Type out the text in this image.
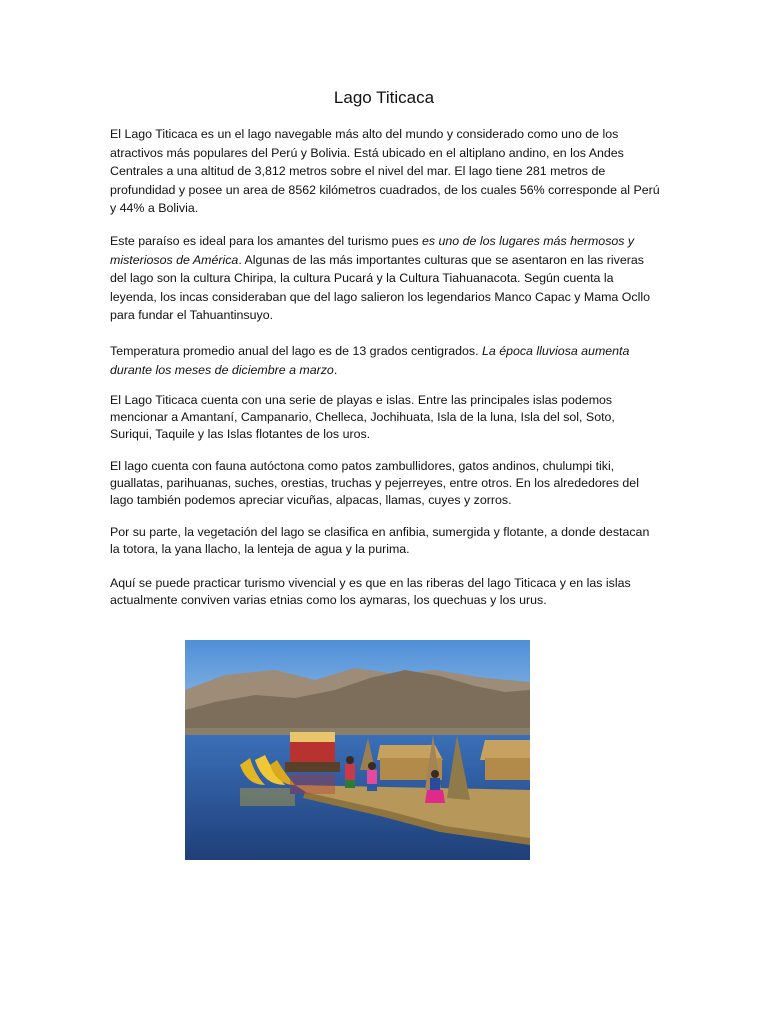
Lago Titicaca

El Lago Titicaca es un el lago navegable más alto del mundo y considerado como uno de los atractivos más populares del Perú y Bolivia. Está ubicado en el altiplano andino, en los Andes Centrales a una altitud de 3,812 metros sobre el nivel del mar. El lago tiene 281 metros de profundidad y posee un area de 8562 kilómetros cuadrados, de los cuales 56% corresponde al Perú y 44% a Bolivia.

Este paraíso es ideal para los amantes del turismo pues es uno de los lugares más hermosos y misteriosos de América. Algunas de las más importantes culturas que se asentaron en las riveras del lago son la cultura Chiripa, la cultura Pucará y la Cultura Tiahuanacota. Según cuenta la leyenda, los incas consideraban que del lago salieron los legendarios Manco Capac y Mama Ocllo para fundar el Tahuantinsuyo.

Temperatura promedio anual del lago es de 13 grados centigrados. La época lluviosa aumenta durante los meses de diciembre a marzo.

El Lago Titicaca cuenta con una serie de playas e islas. Entre las principales islas podemos mencionar a Amantaní, Campanario, Chelleca, Jochihuata, Isla de la luna, Isla del sol, Soto, Suriqui, Taquile y las Islas flotantes de los uros.

El lago cuenta con fauna autóctona como patos zambullidores, gatos andinos, chulumpi tiki, guallatas, parihuanas, suches, orestias, truchas y pejerreyes, entre otros. En los alrededores del lago también podemos apreciar vicuñas, alpacas, llamas, cuyes y zorros.

Por su parte, la vegetación del lago se clasifica en anfibia, sumergida y flotante, a donde destacan la totora, la yana llacho, la lenteja de agua y la purima.

Aquí se puede practicar turismo vivencial y es que en las riberas del lago Titicaca y en las islas actualmente conviven varias etnias como los aymaras, los quechuas y los urus.
